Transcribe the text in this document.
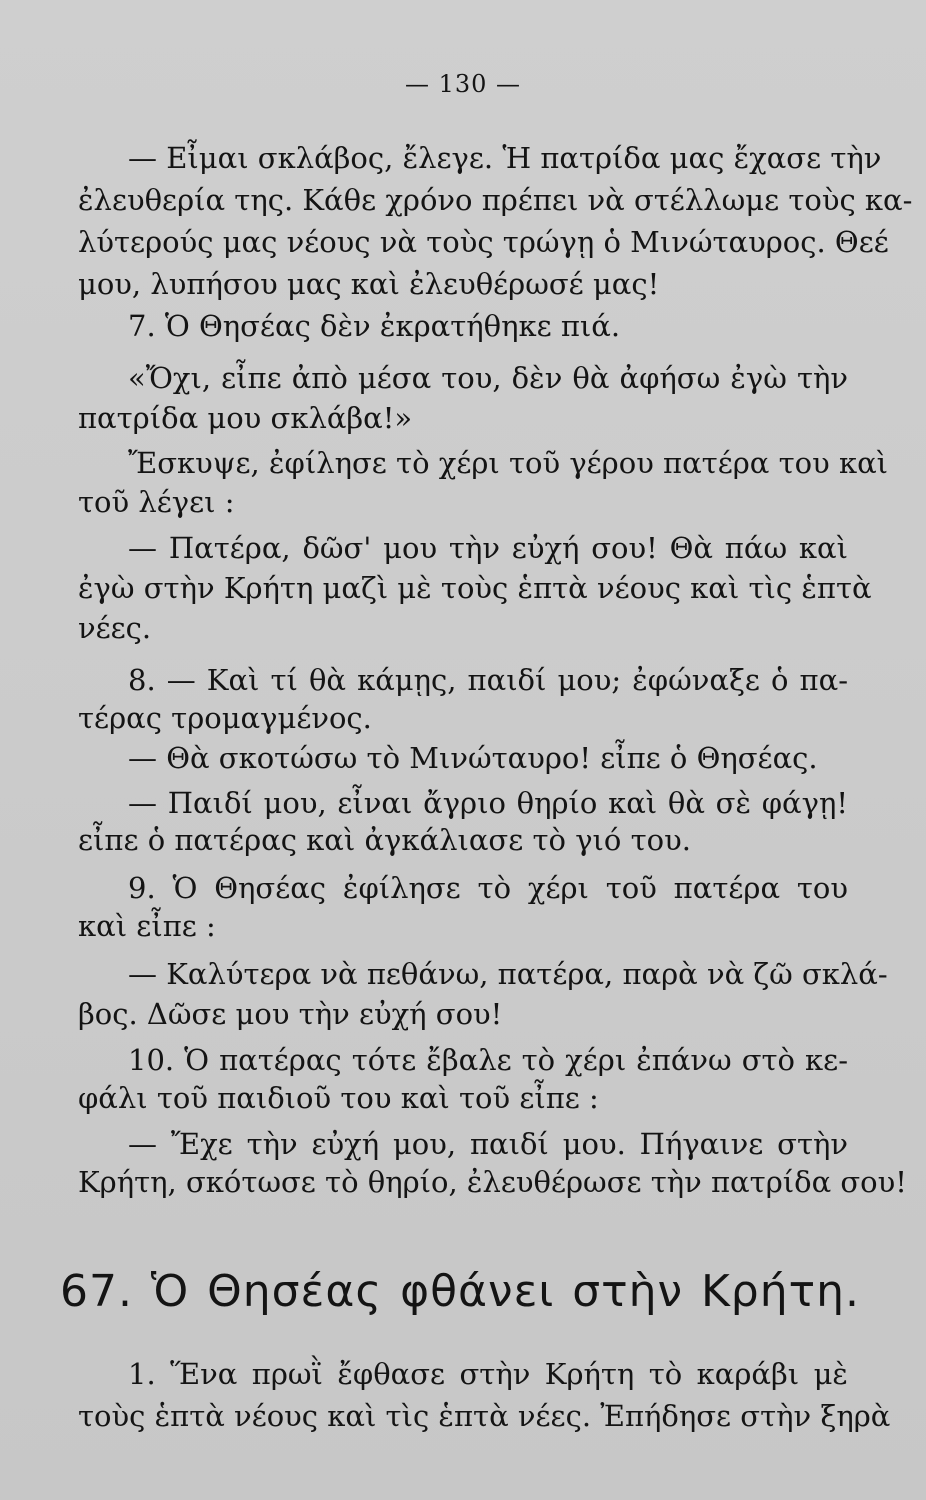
— 130 —
— Εἶμαι σκλάβος, ἔλεγε. Ἡ πατρίδα μας ἔχασε τὴν
ἐλευθερία της. Κάθε χρόνο πρέπει νὰ στέλλωμε τοὺς κα-
λύτερούς μας νέους νὰ τοὺς τρώγῃ ὁ Μινώταυρος. Θεέ
μου, λυπήσου μας καὶ ἐλευθέρωσέ μας!
7. Ὁ Θησέας δὲν ἐκρατήθηκε πιά.
«Ὄχι, εἶπε ἀπὸ μέσα του, δὲν θὰ ἀφήσω ἐγὼ τὴν
πατρίδα μου σκλάβα!»
Ἔσκυψε, ἐφίλησε τὸ χέρι τοῦ γέρου πατέρα του καὶ
τοῦ λέγει :
— Πατέρα, δῶσ' μου τὴν εὐχή σου! Θὰ πάω καὶ
ἐγὼ στὴν Κρήτη μαζὶ μὲ τοὺς ἑπτὰ νέους καὶ τὶς ἑπτὰ
νέες.
8. — Καὶ τί θὰ κάμῃς, παιδί μου; ἐφώναξε ὁ πα-
τέρας τρομαγμένος.
— Θὰ σκοτώσω τὸ Μινώταυρο! εἶπε ὁ Θησέας.
— Παιδί μου, εἶναι ἄγριο θηρίο καὶ θὰ σὲ φάγῃ!
εἶπε ὁ πατέρας καὶ ἀγκάλιασε τὸ γιό του.
9. Ὁ Θησέας ἐφίλησε τὸ χέρι τοῦ πατέρα του
καὶ εἶπε :
— Καλύτερα νὰ πεθάνω, πατέρα, παρὰ νὰ ζῶ σκλά-
βος. Δῶσε μου τὴν εὐχή σου!
10. Ὁ πατέρας τότε ἔβαλε τὸ χέρι ἐπάνω στὸ κε-
φάλι τοῦ παιδιοῦ του καὶ τοῦ εἶπε :
— Ἔχε τὴν εὐχή μου, παιδί μου. Πήγαινε στὴν
Κρήτη, σκότωσε τὸ θηρίο, ἐλευθέρωσε τὴν πατρίδα σου!
67. Ὁ Θησέας φθάνει στὴν Κρήτη.
1. Ἕνα πρωῒ ἔφθασε στὴν Κρήτη τὸ καράβι μὲ
τοὺς ἑπτὰ νέους καὶ τὶς ἑπτὰ νέες. Ἐπήδησε στὴν ξηρὰ
